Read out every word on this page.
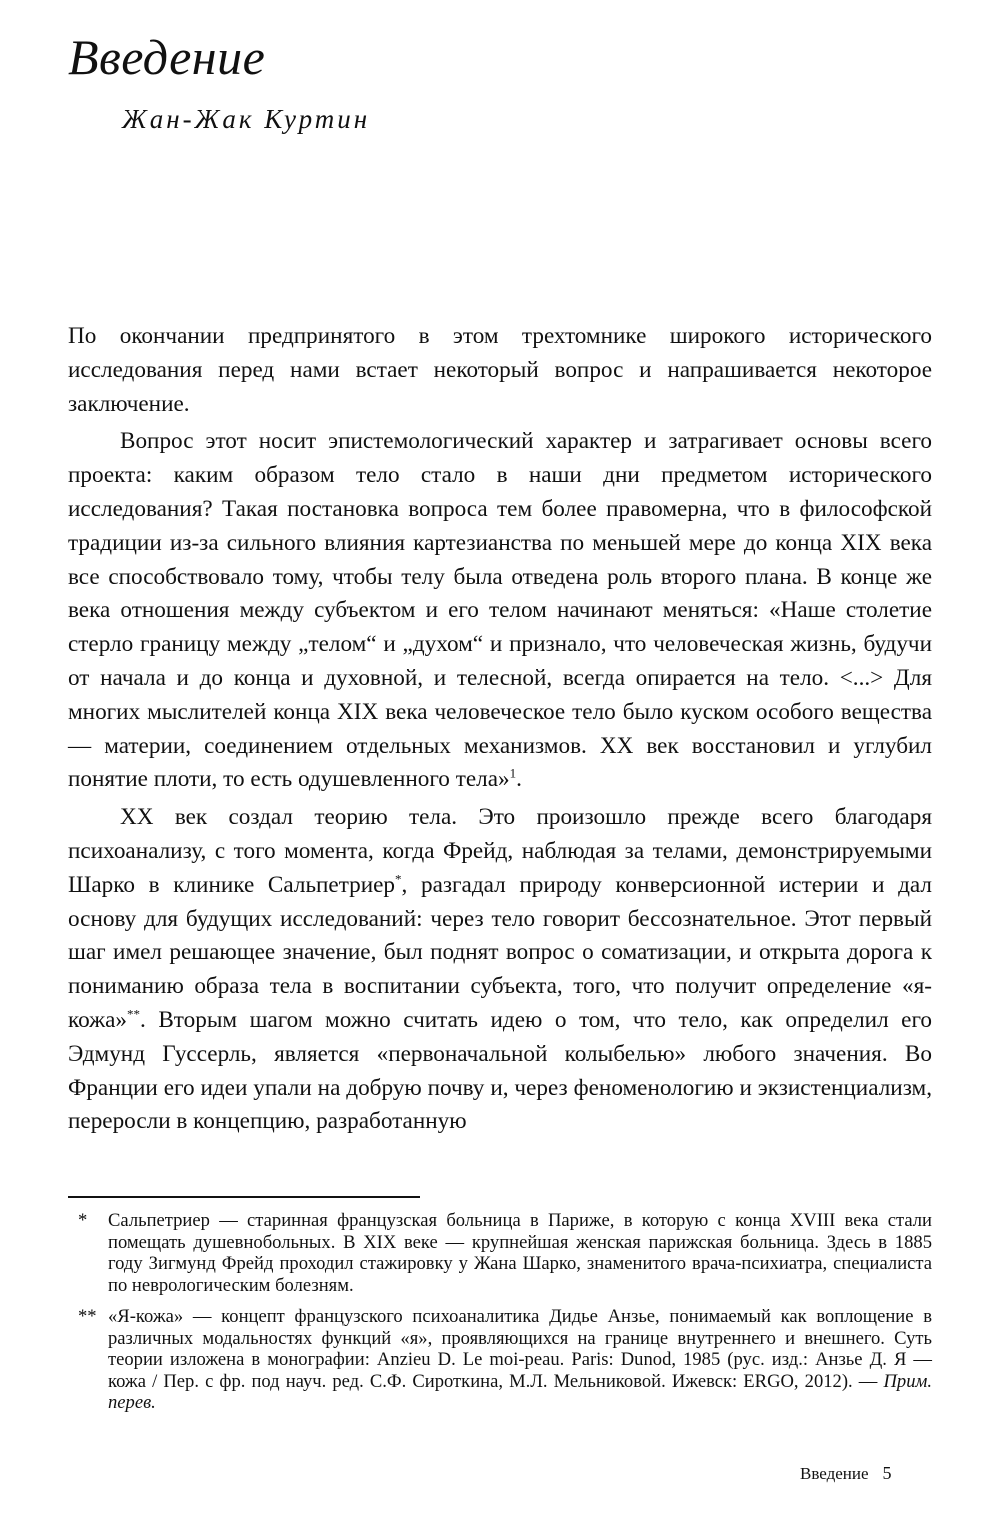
Введение
Жан-Жак Куртин

По окончании предпринятого в этом трехтомнике широкого исторического исследования перед нами встает некоторый вопрос и напрашивается некоторое заключение.

Вопрос этот носит эпистемологический характер и затрагивает основы всего проекта: каким образом тело стало в наши дни предметом исторического исследования? Такая постановка вопроса тем более правомерна, что в философской традиции из-за сильного влияния картезианства по меньшей мере до конца XIX века все способствовало тому, чтобы телу была отведена роль второго плана. В конце же века отношения между субъектом и его телом начинают меняться: «Наше столетие стерло границу между „телом“ и „духом“ и признало, что человеческая жизнь, будучи от начала и до конца и духовной, и телесной, всегда опирается на тело. <...> Для многих мыслителей конца XIX века человеческое тело было куском особого вещества — материи, соединением отдельных механизмов. XX век восстановил и углубил понятие плоти, то есть одушевленного тела»$^1$.

XX век создал теорию тела. Это произошло прежде всего благодаря психоанализу, с того момента, когда Фрейд, наблюдая за телами, демонстрируемыми Шарко в клинике Сальпетриер*, разгадал природу конверсионной истерии и дал основу для будущих исследований: через тело говорит бессознательное. Этот первый шаг имел решающее значение, был поднят вопрос о соматизации, и открыта дорога к пониманию образа тела в воспитании субъекта, того, что получит определение «я-кожа»**. Вторым шагом можно считать идею о том, что тело, как определил его Эдмунд Гуссерль, является «первоначальной колыбелью» любого значения. Во Франции его идеи упали на добрую почву и, через феноменологию и экзистенциализм, переросли в концепцию, разработанную

* Сальпетриер — старинная французская больница в Париже, в которую с конца XVIII века стали помещать душевнобольных. В XIX веке — крупнейшая женская парижская больница. Здесь в 1885 году Зигмунд Фрейд проходил стажировку у Жана Шарко, знаменитого врача-психиатра, специалиста по неврологическим болезням.
** «Я-кожа» — концепт французского психоаналитика Дидье Анзье, понимаемый как воплощение в различных модальностях функций «я», проявляющихся на границе внутреннего и внешнего. Суть теории изложена в монографии: Anzieu D. Le moi-peau. Paris: Dunod, 1985 (рус. изд.: Анзье Д. Я — кожа / Пер. с фр. под науч. ред. С.Ф. Сироткина, М.Л. Мельниковой. Ижевск: ERGO, 2012). — Прим. перев.
Введение 5
